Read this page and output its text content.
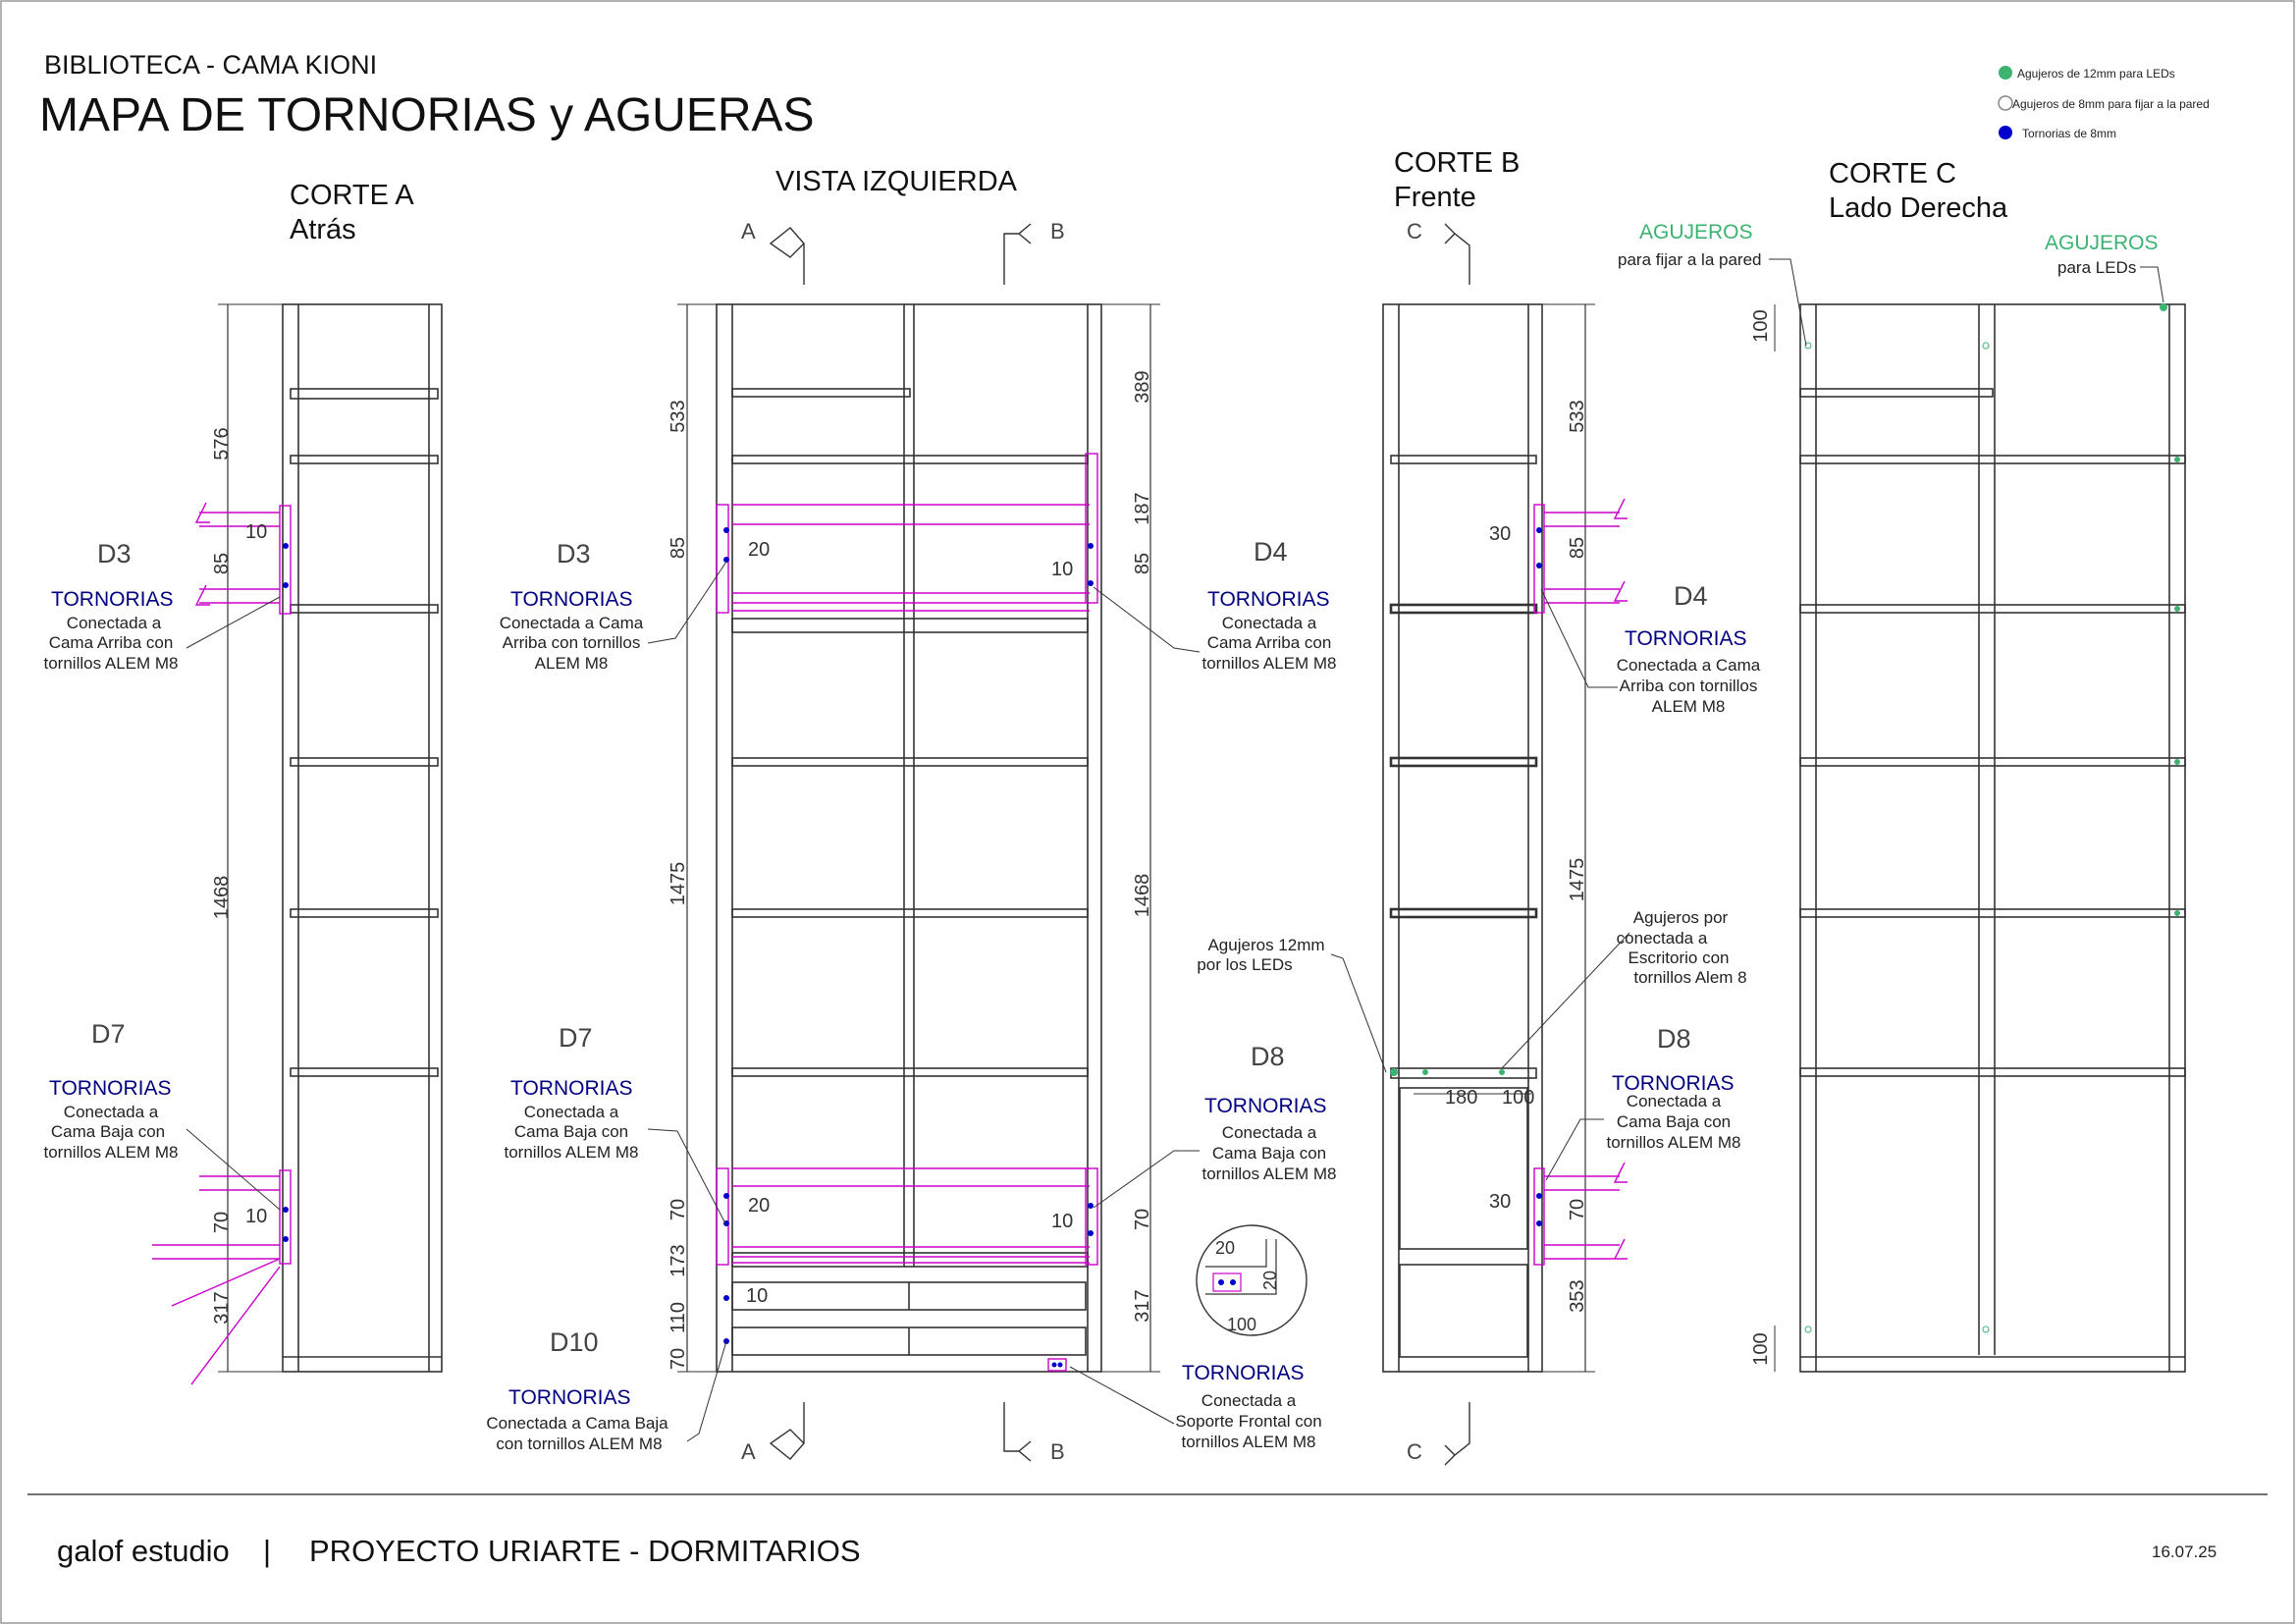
BIBLIOTECA - CAMA KIONI
MAPA DE TORNORIAS y AGUERAS
Agujeros de 12mm para LEDs
Agujeros de 8mm para fijar a la pared
Tornorias de 8mm
CORTE A
Atrás
VISTA IZQUIERDA
CORTE B
Frente
CORTE C
Lado Derecha
576
85
1468
70
317
10
10
D3
TORNORIAS
Conectada a
Cama Arriba con
tornillos ALEM M8
D7
TORNORIAS
Conectada a
Cama Baja con
tornillos ALEM M8
533
85
1475
70
173
110
70
389
187
85
1468
70
317
20
10
20
10
10
A	B
A	B
D3
TORNORIAS
Conectada a Cama
Arriba con tornillos
ALEM M8
D4
TORNORIAS
Conectada a
Cama Arriba con
tornillos ALEM M8
D7
TORNORIAS
Conectada a
Cama Baja con
tornillos ALEM M8
D8
TORNORIAS
Conectada a
Cama Baja con
tornillos ALEM M8
D10
TORNORIAS
Conectada a Cama Baja
con tornillos ALEM M8
TORNORIAS
Conectada a
Soporte Frontal con
tornillos ALEM M8
20
20
100
533
85
1475
70
353
30
30
180 100
C
C
D4
TORNORIAS
Conectada a Cama
Arriba con tornillos
ALEM M8
D8
TORNORIAS
Conectada a
Cama Baja con
tornillos ALEM M8
Agujeros 12mm
por los LEDs
Agujeros por
conectada a
Escritorio con
tornillos Alem 8
100
100
AGUJEROS
para fijar a la pared
AGUJEROS
para LEDs
galof estudio | PROYECTO URIARTE - DORMITARIOS	16.07.25
